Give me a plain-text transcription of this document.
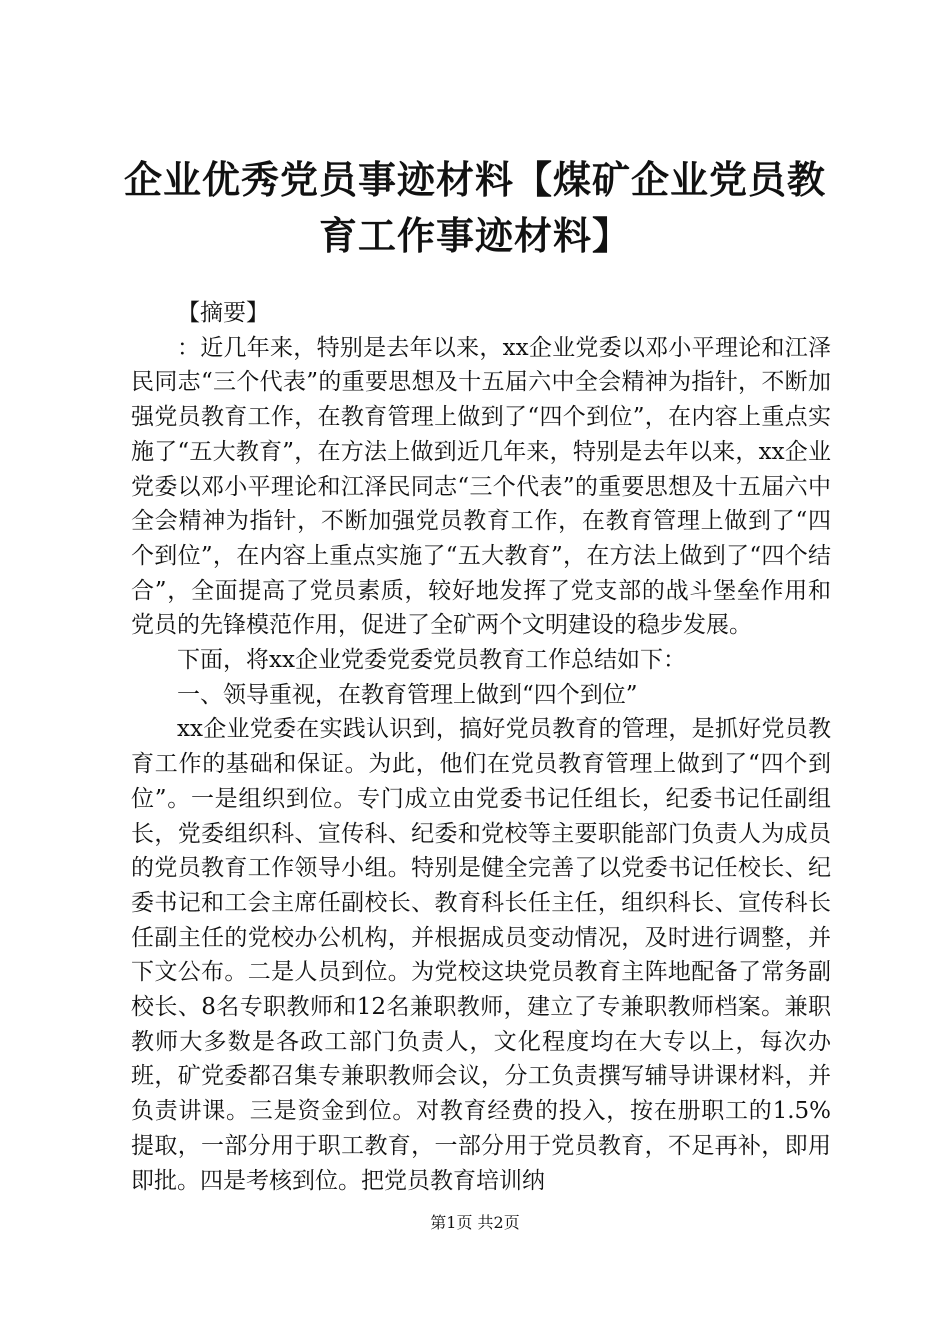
企业优秀党员事迹材料【煤矿企业党员教育工作事迹材料】

【摘要】

：近几年来，特别是去年以来，xx企业党委以邓小平理论和江泽民同志“三个代表”的重要思想及十五届六中全会精神为指针，不断加强党员教育工作，在教育管理上做到了“四个到位”，在内容上重点实施了“五大教育”，在方法上做到近几年来，特别是去年以来，xx企业党委以邓小平理论和江泽民同志“三个代表”的重要思想及十五届六中全会精神为指针，不断加强党员教育工作，在教育管理上做到了“四个到位”，在内容上重点实施了“五大教育”，在方法上做到了“四个结合”，全面提高了党员素质，较好地发挥了党支部的战斗堡垒作用和党员的先锋模范作用，促进了全矿两个文明建设的稳步发展。

下面，将xx企业党委党委党员教育工作总结如下：

一、领导重视，在教育管理上做到“四个到位”

xx企业党委在实践认识到，搞好党员教育的管理，是抓好党员教育工作的基础和保证。为此，他们在党员教育管理上做到了“四个到位”。一是组织到位。专门成立由党委书记任组长，纪委书记任副组长，党委组织科、宣传科、纪委和党校等主要职能部门负责人为成员的党员教育工作领导小组。特别是健全完善了以党委书记任校长、纪委书记和工会主席任副校长、教育科长任主任，组织科长、宣传科长任副主任的党校办公机构，并根据成员变动情况，及时进行调整，并下文公布。二是人员到位。为党校这块党员教育主阵地配备了常务副校长、8名专职教师和12名兼职教师，建立了专兼职教师档案。兼职教师大多数是各政工部门负责人，文化程度均在大专以上，每次办班，矿党委都召集专兼职教师会议，分工负责撰写辅导讲课材料，并负责讲课。三是资金到位。对教育经费的投入，按在册职工的1.5%提取，一部分用于职工教育，一部分用于党员教育，不足再补，即用即批。四是考核到位。把党员教育培训纳

第1页 共2页
